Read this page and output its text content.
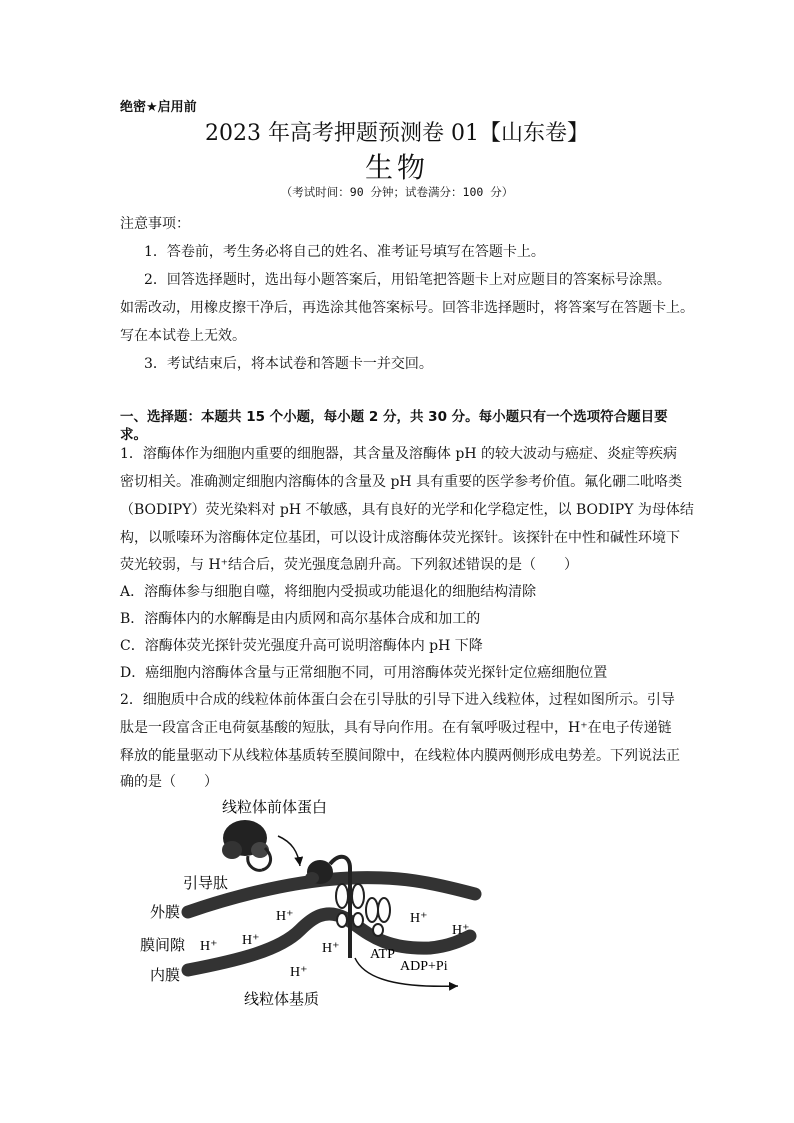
绝密★启用前
2023 年高考押题预测卷 01【山东卷】
生物
（考试时间：90 分钟；试卷满分：100 分）
注意事项：
1．答卷前，考生务必将自己的姓名、准考证号填写在答题卡上。
2．回答选择题时，选出每小题答案后，用铅笔把答题卡上对应题目的答案标号涂黑。
如需改动，用橡皮擦干净后，再选涂其他答案标号。回答非选择题时，将答案写在答题卡上。
写在本试卷上无效。
3．考试结束后，将本试卷和答题卡一并交回。
一、选择题：本题共 15 个小题，每小题 2 分，共 30 分。每小题只有一个选项符合题目要求。
1．溶酶体作为细胞内重要的细胞器，其含量及溶酶体 pH 的较大波动与癌症、炎症等疾病
密切相关。准确测定细胞内溶酶体的含量及 pH 具有重要的医学参考价值。氟化硼二吡咯类
（BODIPY）荧光染料对 pH 不敏感，具有良好的光学和化学稳定性，以 BODIPY 为母体结
构，以哌嗪环为溶酶体定位基团，可以设计成溶酶体荧光探针。该探针在中性和碱性环境下
荧光较弱，与 H⁺结合后，荧光强度急剧升高。下列叙述错误的是（　　）
A．溶酶体参与细胞自噬，将细胞内受损或功能退化的细胞结构清除
B．溶酶体内的水解酶是由内质网和高尔基体合成和加工的
C．溶酶体荧光探针荧光强度升高可说明溶酶体内 pH 下降
D．癌细胞内溶酶体含量与正常细胞不同，可用溶酶体荧光探针定位癌细胞位置
2．细胞质中合成的线粒体前体蛋白会在引导肽的引导下进入线粒体，过程如图所示。引导
肽是一段富含正电荷氨基酸的短肽，具有导向作用。在有氧呼吸过程中，H⁺在电子传递链
释放的能量驱动下从线粒体基质转至膜间隙中，在线粒体内膜两侧形成电势差。下列说法正
确的是（　　）
线粒体前体蛋白
引导肽
外膜
膜间隙
内膜
线粒体基质
H⁺
H⁺
H⁺	H⁺
H⁺
H⁺
H⁺
ATP
ADP+Pi
